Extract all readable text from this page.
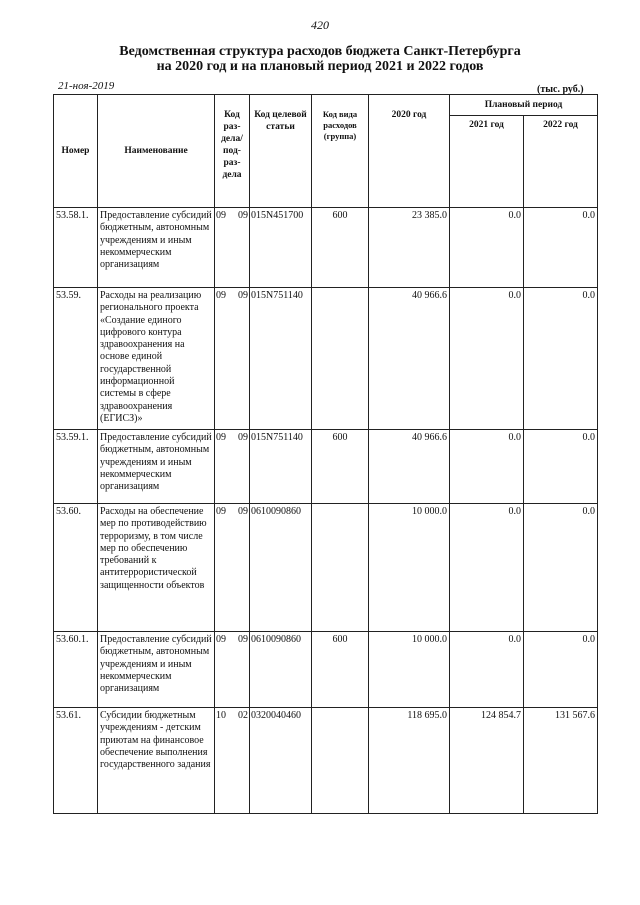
420
Ведомственная структура расходов бюджета Санкт-Петербурга
на 2020 год и на плановый период 2021 и 2022 годов
21-ноя-2019	(тыс. руб.)
Номер	Наименование	Код раз-дела/ под-раз-дела	Код целевой статьи	Код вида расходов (группа)	2020 год	Плановый период	
						2021 год	2022 год
53.58.1.	Предоставление субсидий бюджетным, автономным учреждениям и иным некоммерческим организациям	09 09	015N451700	600	23 385.0	0.0	0.0
53.59.	Расходы на реализацию регионального проекта «Создание единого цифрового контура здравоохранения на основе единой государственной информационной системы в сфере здравоохранения (ЕГИСЗ)»	09 09	015N751140		40 966.6	0.0	0.0
53.59.1.	Предоставление субсидий бюджетным, автономным учреждениям и иным некоммерческим организациям	09 09	015N751140	600	40 966.6	0.0	0.0
53.60.	Расходы на обеспечение мер по противодействию терроризму, в том числе мер по обеспечению требований к антитеррористической защищенности объектов	09 09	0610090860		10 000.0	0.0	0.0
53.60.1.	Предоставление субсидий бюджетным, автономным учреждениям и иным некоммерческим организациям	09 09	0610090860	600	10 000.0	0.0	0.0
53.61.	Субсидии бюджетным учреждениям - детским приютам на финансовое обеспечение выполнения государственного задания	10 02	0320040460		118 695.0	124 854.7	131 567.6
